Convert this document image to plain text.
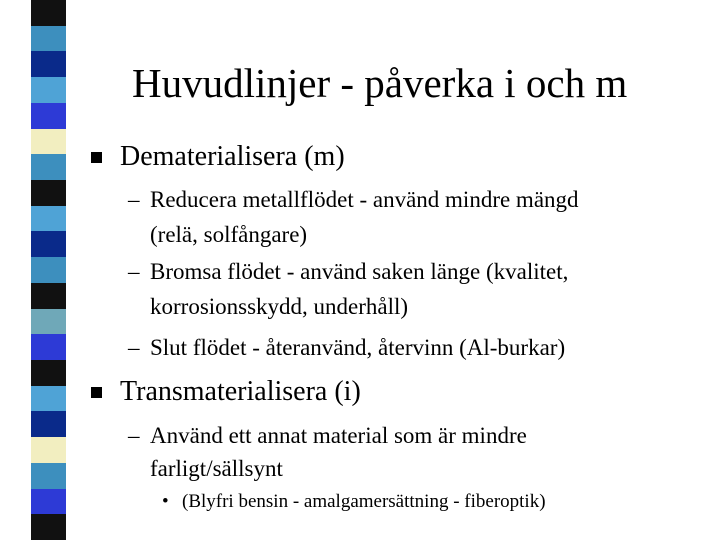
Huvudlinjer - påverka i och m
Dematerialisera (m)
– Reducera metallflödet - använd mindre mängd
(relä, solfångare)
– Bromsa flödet - använd saken länge (kvalitet,
korrosionsskydd, underhåll)
– Slut flödet - återanvänd, återvinn (Al-burkar)
Transmaterialisera (i)
– Använd ett annat material som är mindre
farligt/sällsynt
• (Blyfri bensin - amalgamersättning - fiberoptik)
